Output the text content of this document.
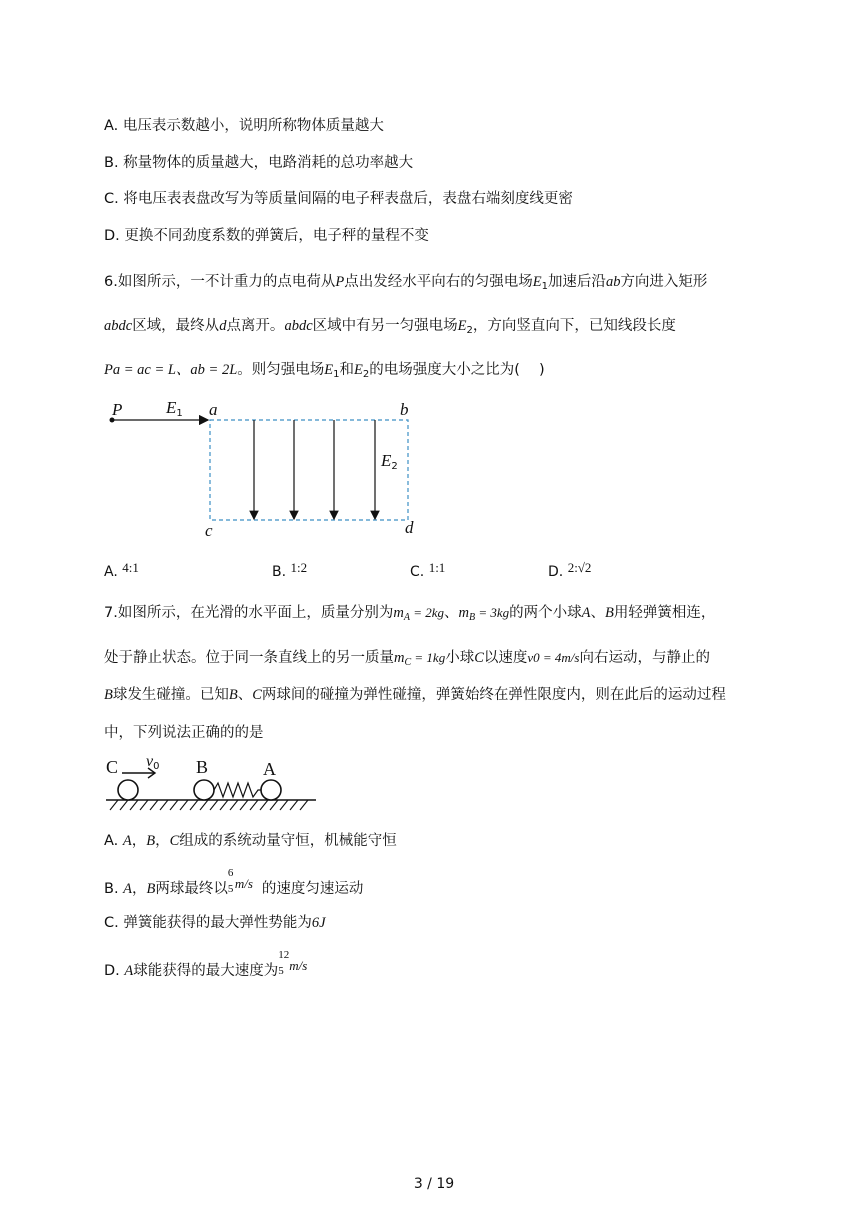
A. 电压表示数越小，说明所称物体质量越大
B. 称量物体的质量越大，电路消耗的总功率越大
C. 将电压表表盘改写为等质量间隔的电子秤表盘后，表盘右端刻度线更密
D. 更换不同劲度系数的弹簧后，电子秤的量程不变
6.如图所示，一不计重力的点电荷从P点出发经水平向右的匀强电场$E_1$加速后沿ab方向进入矩形
abdc区域，最终从d点离开。abdc区域中有另一匀强电场$E_2$，方向竖直向下，已知线段长度
Pa = ac = L、ab = 2L。则匀强电场$E_1$和$E_2$的电场强度大小之比为(　 )
P	$E_1$ a	b
$E_2$
c	d
A. 4:1	B. 1:2	C. 1:1	D. 2:√2
7.如图所示，在光滑的水平面上，质量分别为$m_A = 2kg$、$m_B = 3kg$的两个小球A、B用轻弹簧相连，
处于静止状态。位于同一条直线上的另一质量$m_C = 1kg$小球C以速度v0 = 4m/s向右运动，与静止的
B球发生碰撞。已知B、C两球间的碰撞为弹性碰撞，弹簧始终在弹性限度内，则在此后的运动过程
中，下列说法正确的的是
C $v_0$ B	A
A. A，B，C组成的系统动量守恒，机械能守恒
B. A，B两球最终以
6
5 m/s 的速度匀速运动
C. 弹簧能获得的最大弹性势能为6J
D. A球能获得的最大速度为
12
5 m/s
3 / 19
